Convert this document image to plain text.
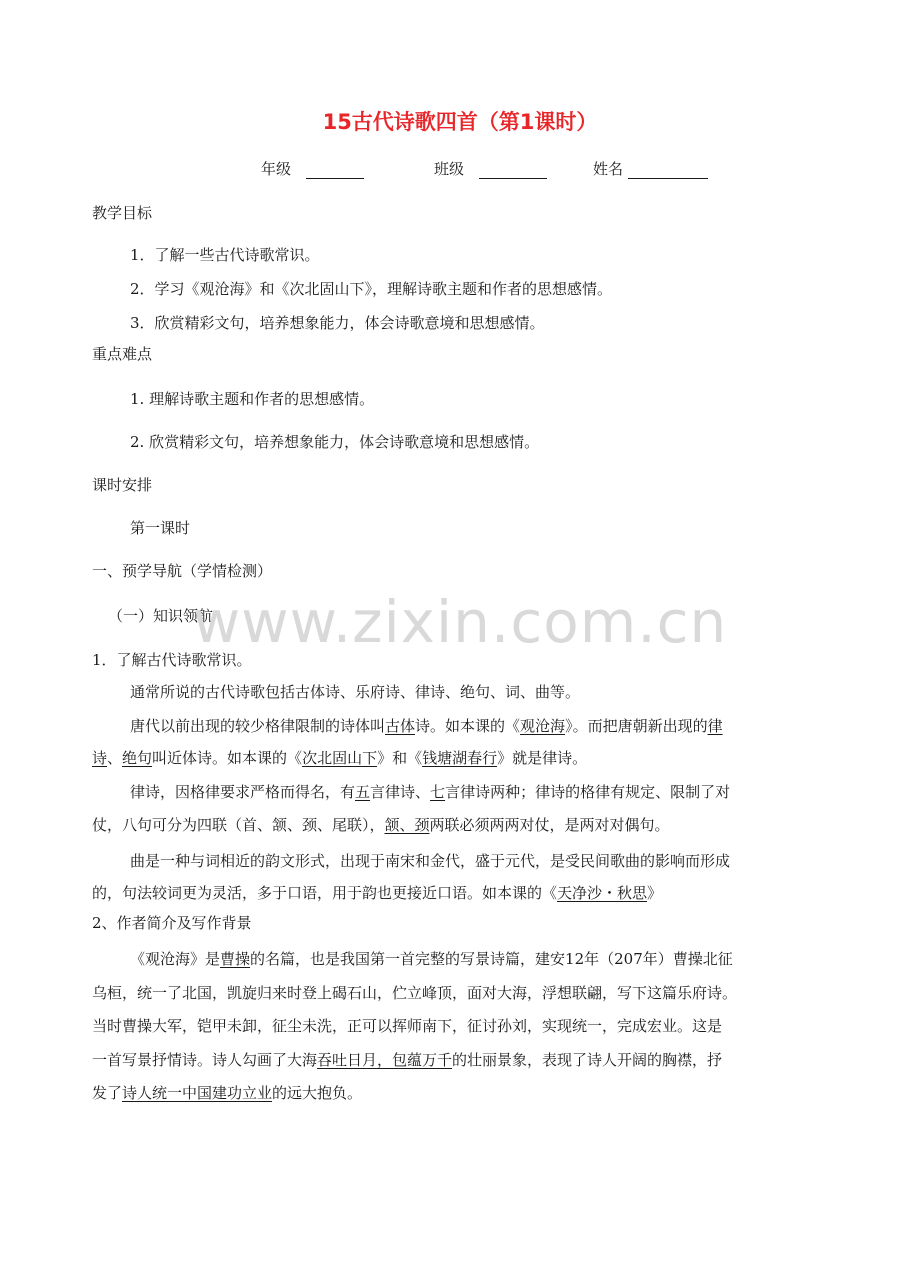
15古代诗歌四首（第1课时）
年级	班级	姓名
教学目标
1．了解一些古代诗歌常识。
2．学习《观沧海》和《次北固山下》，理解诗歌主题和作者的思想感情。
3．欣赏精彩文句，培养想象能力，体会诗歌意境和思想感情。
重点难点
1. 理解诗歌主题和作者的思想感情。
2. 欣赏精彩文句，培养想象能力，体会诗歌意境和思想感情。
课时安排
第一课时
一、预学导航（学情检测）
（一）知识领航
www.zixin.com.cn
1．了解古代诗歌常识。
通常所说的古代诗歌包括古体诗、乐府诗、律诗、绝句、词、曲等。
唐代以前出现的较少格律限制的诗体叫古体诗。如本课的《观沧海》。而把唐朝新出现的律
诗、绝句叫近体诗。如本课的《次北固山下》和《钱塘湖春行》就是律诗。
律诗，因格律要求严格而得名，有五言律诗、七言律诗两种；律诗的格律有规定、限制了对
仗，八句可分为四联（首、颔、颈、尾联），颔、颈两联必须两两对仗，是两对对偶句。
曲是一种与词相近的韵文形式，出现于南宋和金代，盛于元代，是受民间歌曲的影响而形成
的，句法较词更为灵活，多于口语，用于韵也更接近口语。如本课的《天净沙・秋思》
2、作者简介及写作背景
《观沧海》是曹操的名篇，也是我国第一首完整的写景诗篇，建安12年（207年）曹操北征
乌桓，统一了北国，凯旋归来时登上碣石山，伫立峰顶，面对大海，浮想联翩，写下这篇乐府诗。
当时曹操大军，铠甲未卸，征尘未洗，正可以挥师南下，征讨孙刘，实现统一，完成宏业。这是
一首写景抒情诗。诗人勾画了大海吞吐日月，包蕴万千的壮丽景象，表现了诗人开阔的胸襟，抒
发了诗人统一中国建功立业的远大抱负。
